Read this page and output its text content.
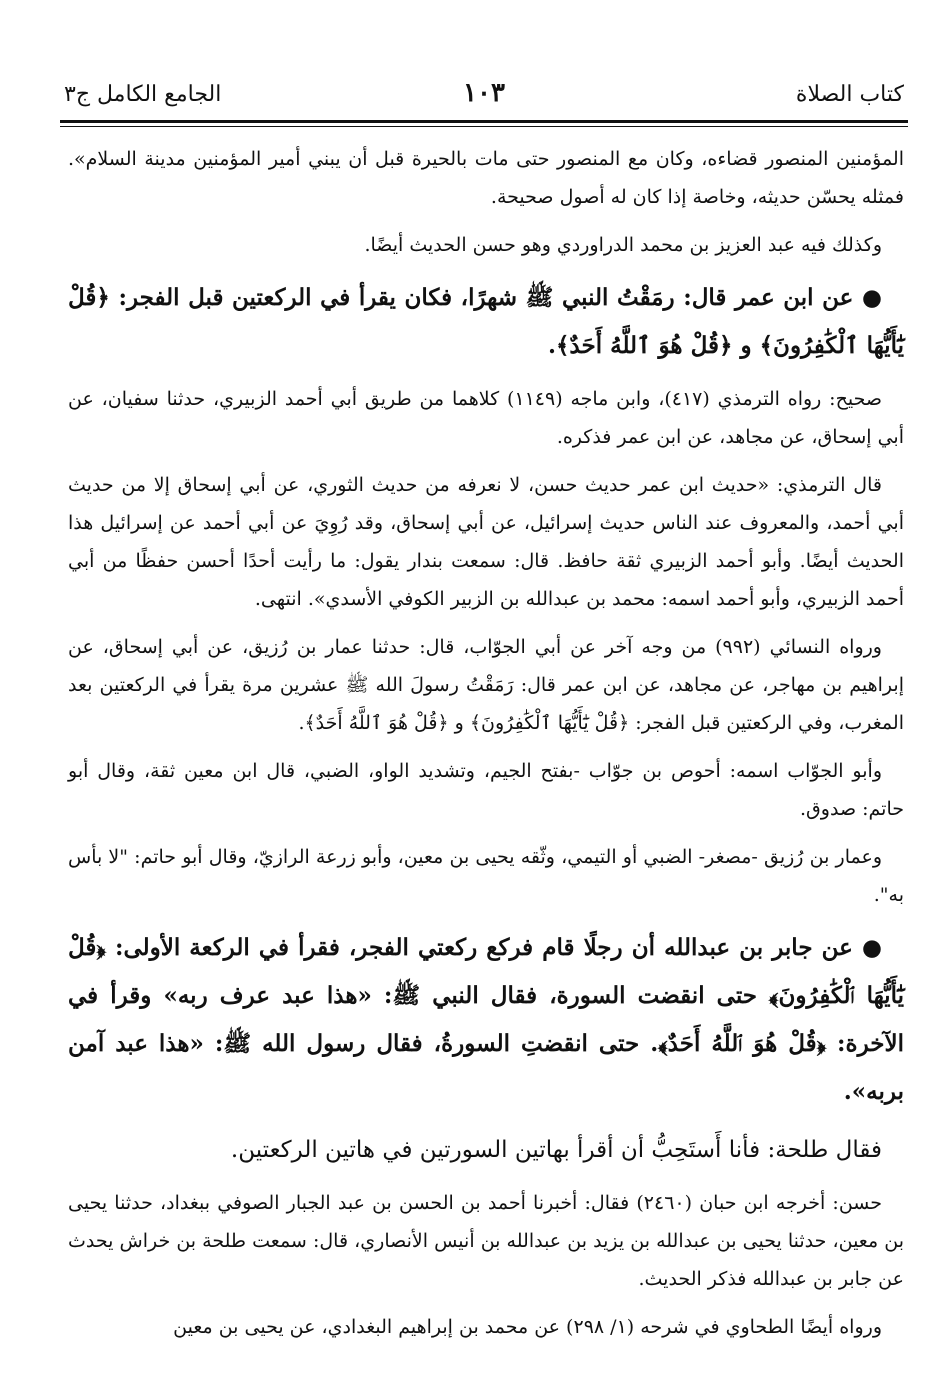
كتاب الصلاة
١٠٣
الجامع الكامل ج٣

المؤمنين المنصور قضاءه، وكان مع المنصور حتى مات بالحيرة قبل أن يبني أمير المؤمنين مدينة السلام». فمثله يحسّن حديثه، وخاصة إذا كان له أصول صحيحة.

وكذلك فيه عبد العزيز بن محمد الدراوردي وهو حسن الحديث أيضًا.

● عن ابن عمر قال: رمَقْتُ النبي ﷺ شهرًا، فكان يقرأ في الركعتين قبل الفجر: ﴿قُلْ يَٰٓأَيُّهَا ٱلْكَٰفِرُونَ﴾ و ﴿قُلْ هُوَ ٱللَّهُ أَحَدٌ﴾.

صحيح: رواه الترمذي (٤١٧)، وابن ماجه (١١٤٩) كلاهما من طريق أبي أحمد الزبيري، حدثنا سفيان، عن أبي إسحاق، عن مجاهد، عن ابن عمر فذكره.

قال الترمذي: «حديث ابن عمر حديث حسن، لا نعرفه من حديث الثوري، عن أبي إسحاق إلا من حديث أبي أحمد، والمعروف عند الناس حديث إسرائيل، عن أبي إسحاق، وقد رُوِيَ عن أبي أحمد عن إسرائيل هذا الحديث أيضًا. وأبو أحمد الزبيري ثقة حافظ. قال: سمعت بندار يقول: ما رأيت أحدًا أحسن حفظًا من أبي أحمد الزبيري، وأبو أحمد اسمه: محمد بن عبدالله بن الزبير الكوفي الأسدي». انتهى.

ورواه النسائي (٩٩٢) من وجه آخر عن أبي الجوّاب، قال: حدثنا عمار بن رُزيق، عن أبي إسحاق، عن إبراهيم بن مهاجر، عن مجاهد، عن ابن عمر قال: رَمَقْتُ رسولَ الله ﷺ عشرين مرة يقرأ في الركعتين بعد المغرب، وفي الركعتين قبل الفجر: ﴿قُلْ يَٰٓأَيُّهَا ٱلْكَٰفِرُونَ﴾ و ﴿قُلْ هُوَ ٱللَّهُ أَحَدٌ﴾.

وأبو الجوّاب اسمه: أحوص بن جوّاب -بفتح الجيم، وتشديد الواو، الضبي، قال ابن معين ثقة، وقال أبو حاتم: صدوق.

وعمار بن رُزيق -مصغر- الضبي أو التيمي، وثّقه يحيى بن معين، وأبو زرعة الرازيّ، وقال أبو حاتم: "لا بأس به".

● عن جابر بن عبدالله أن رجلًا قام فركع ركعتي الفجر، فقرأ في الركعة الأولى: ﴿قُلْ يَٰٓأَيُّهَا ٱلْكَٰفِرُونَ﴾ حتى انقضت السورة، فقال النبي ﷺ: «هذا عبد عرف ربه» وقرأ في الآخرة: ﴿قُلْ هُوَ ٱللَّهُ أَحَدٌ﴾. حتى انقضتِ السورةُ، فقال رسول الله ﷺ: «هذا عبد آمن بربه».

فقال طلحة: فأنا أَستَحِبُّ أن أقرأ بهاتين السورتين في هاتين الركعتين.

حسن: أخرجه ابن حبان (٢٤٦٠) فقال: أخبرنا أحمد بن الحسن بن عبد الجبار الصوفي ببغداد، حدثنا يحيى بن معين، حدثنا يحيى بن عبدالله بن يزيد بن عبدالله بن أنيس الأنصاري، قال: سمعت طلحة بن خراش يحدث عن جابر بن عبدالله فذكر الحديث.

ورواه أيضًا الطحاوي في شرحه (١/ ٢٩٨) عن محمد بن إبراهيم البغدادي، عن يحيى بن معين
